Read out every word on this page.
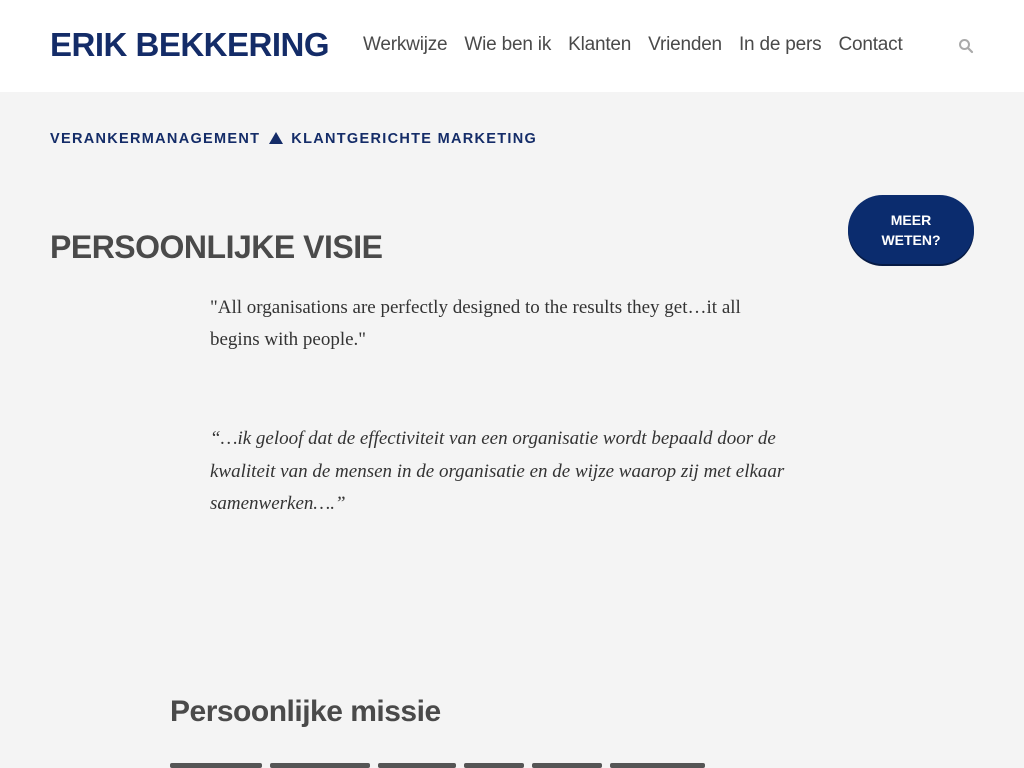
ERIK BEKKERING Werkwijze Wie ben ik Klanten Vrienden In de pers Contact
VERANKERMANAGEMENT KLANTGERICHTE MARKETING
MEER
WETEN?
PERSOONLIJKE VISIE

"All organisations are perfectly designed to the results they get…it all begins with people."

“…ik geloof dat de effectiviteit van een organisatie wordt bepaald door de kwaliteit van de mensen in de organisatie en de wijze waarop zij met elkaar samenwerken….”

Persoonlijke missie
